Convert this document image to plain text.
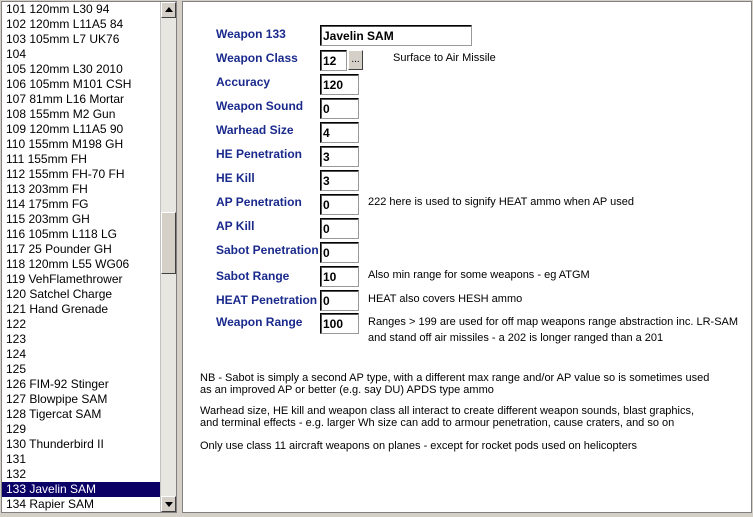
101 120mm L30 94
102 120mm L11A5 84
103 105mm L7 UK76
104
105 120mm L30 2010
106 105mm M101 CSH
107 81mm L16 Mortar
108 155mm M2 Gun
109 120mm L11A5 90
110 155mm M198 GH
111 155mm FH
112 155mm FH-70 FH
113 203mm FH
114 175mm FG
115 203mm GH
116 105mm L118 LG
117 25 Pounder GH
118 120mm L55 WG06
119 VehFlamethrower
120 Satchel Charge
121 Hand Grenade
122
123
124
125
126 FIM-92 Stinger
127 Blowpipe SAM
128 Tigercat SAM
129
130 Thunderbird II
131
132
133 Javelin SAM
134 Rapier SAM
Weapon 133
Javelin SAM
Weapon Class
12	...	Surface to Air Missile
Accuracy
120
Weapon Sound
0
Warhead Size
4
HE Penetration
3
HE Kill
3
AP Penetration
0	222 here is used to signify HEAT ammo when AP used
AP Kill
0
Sabot Penetration
0
Sabot Range
10	Also min range for some weapons - eg ATGM
HEAT Penetration
0	HEAT also covers HESH ammo
Weapon Range
100	Ranges > 199 are used for off map weapons range abstraction inc. LR-SAM
and stand off air missiles - a 202 is longer ranged than a 201
NB - Sabot is simply a second AP type, with a different max range and/or AP value so is sometimes used
as an improved AP or better (e.g. say DU) APDS type ammo
Warhead size, HE kill and weapon class all interact to create different weapon sounds, blast graphics,
and terminal effects - e.g. larger Wh size can add to armour penetration, cause craters, and so on
Only use class 11 aircraft weapons on planes - except for rocket pods used on helicopters
